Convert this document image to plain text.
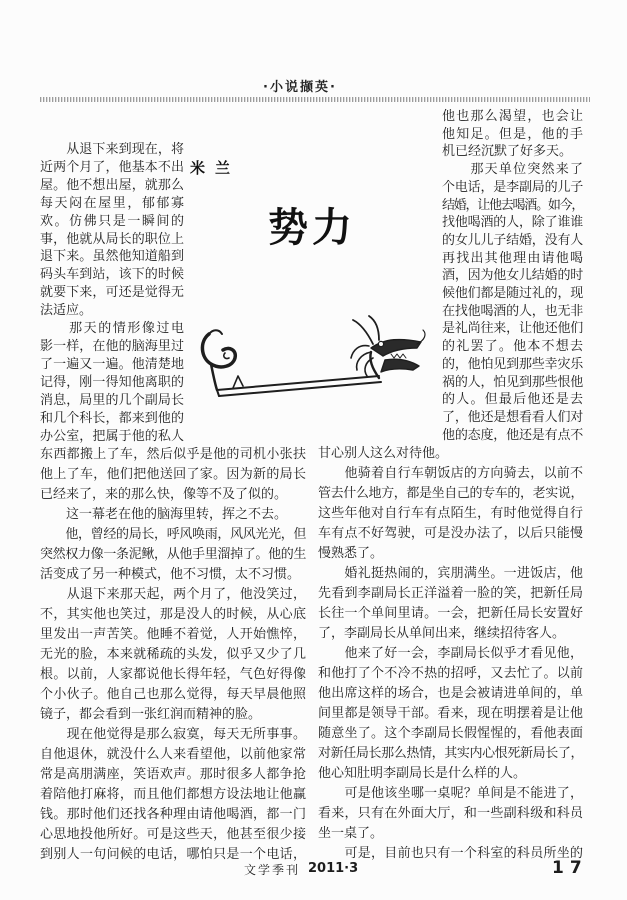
·小说撷英·
米兰
势力
　　从退下来到现在，将
近两个月了，他基本不出
屋。他不想出屋，就那么
每天闷在屋里，郁郁寡
欢。仿佛只是一瞬间的
事，他就从局长的职位上
退下来。虽然他知道船到
码头车到站，该下的时候
就要下来，可还是觉得无
法适应。
　　那天的情形像过电
影一样，在他的脑海里过
了一遍又一遍。他清楚地
记得，刚一得知他离职的
消息，局里的几个副局长
和几个科长，都来到他的
办公室，把属于他的私人
东西都搬上了车，然后似乎是他的司机小张扶
他上了车，他们把他送回了家。因为新的局长
已经来了，来的那么快，像等不及了似的。
　　这一幕老在他的脑海里转，挥之不去。
　　他，曾经的局长，呼风唤雨，风风光光，但
突然权力像一条泥鳅，从他手里溜掉了。他的生
活变成了另一种模式，他不习惯，太不习惯。
　　从退下来那天起，两个月了，他没笑过，
不，其实他也笑过，那是没人的时候，从心底
里发出一声苦笑。他睡不着觉，人开始憔悴，
无光的脸，本来就稀疏的头发，似乎又少了几
根。以前，人家都说他长得年轻，气色好得像
个小伙子。他自己也那么觉得，每天早晨他照
镜子，都会看到一张红润而精神的脸。
　　现在他觉得是那么寂寞，每天无所事事。
自他退休，就没什么人来看望他，以前他家常
常是高朋满座，笑语欢声。那时很多人都争抢
着陪他打麻将，而且他们都想方设法地让他赢
钱。那时他们还找各种理由请他喝酒，都一门
心思地投他所好。可是这些天，他甚至很少接
到别人一句问候的电话，哪怕只是一个电话，
他也那么渴望，也会让
他知足。但是，他的手
机已经沉默了好多天。
　　那天单位突然来了
个电话，是李副局的儿子
结婚，让他去喝酒。如今，
找他喝酒的人，除了谁谁
的女儿儿子结婚，没有人
再找出其他理由请他喝
酒，因为他女儿结婚的时
候他们都是随过礼的，现
在找他喝酒的人，也无非
是礼尚往来，让他还他们
的礼罢了。他本不想去
的，他怕见到那些幸灾乐
祸的人，怕见到那些恨他
的人。但最后他还是去
了，他还是想看看人们对
他的态度，他还是有点不
甘心别人这么对待他。
　　他骑着自行车朝饭店的方向骑去，以前不
管去什么地方，都是坐自己的专车的，老实说，
这些年他对自行车有点陌生，有时他觉得自行
车有点不好驾驶，可是没办法了，以后只能慢
慢熟悉了。
　　婚礼挺热闹的，宾朋满坐。一进饭店，他
先看到李副局长正洋溢着一脸的笑，把新任局
长往一个单间里请。一会，把新任局长安置好
了，李副局长从单间出来，继续招待客人。
　　他来了好一会，李副局长似乎才看见他，
和他打了个不冷不热的招呼，又去忙了。以前
他出席这样的场合，也是会被请进单间的，单
间里都是领导干部。看来，现在明摆着是让他
随意坐了。这个李副局长假惺惺的，看他表面
对新任局长那么热情，其实内心恨死新局长了，
他心知肚明李副局长是什么样的人。
　　可是他该坐哪一桌呢？单间是不能进了，
看来，只有在外面大厅，和一些副科级和科员
坐一桌了。
　　可是，目前也只有一个科室的科员所坐的
文学季刊 2011·3	17
